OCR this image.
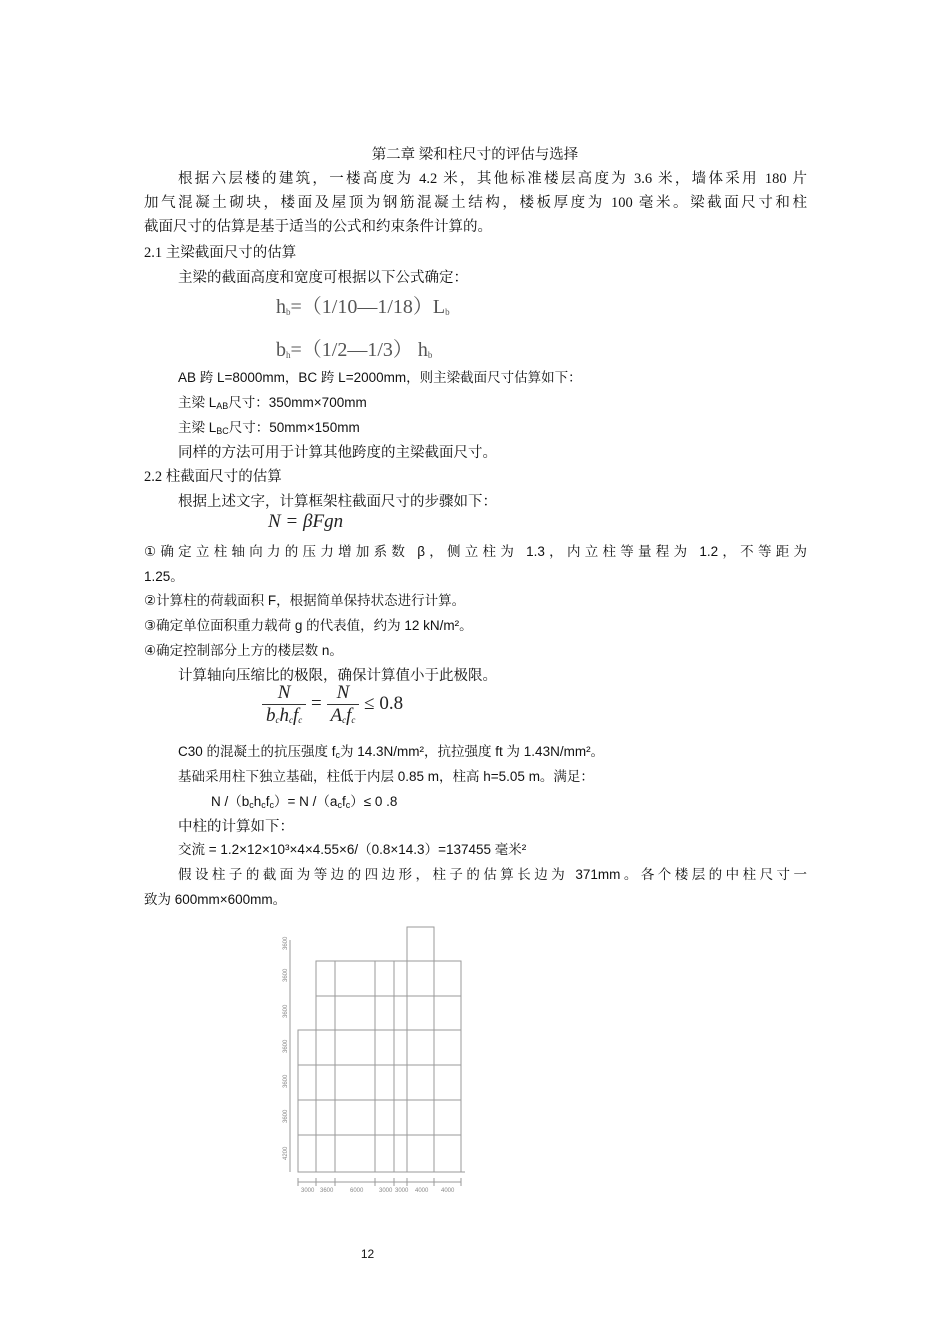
第二章 梁和柱尺寸的评估与选择
根据六层楼的建筑，一楼高度为 4.2 米，其他标准楼层高度为 3.6 米，墙体采用 180 片
加气混凝土砌块，楼面及屋顶为钢筋混凝土结构，楼板厚度为 100 毫米。梁截面尺寸和柱
截面尺寸的估算是基于适当的公式和约束条件计算的。
2.1 主梁截面尺寸的估算
主梁的截面高度和宽度可根据以下公式确定：
$h_b=(1/10—1/18)L_b$
$b_h=(1/2—1/3)$ $h_b$
AB 跨 L=8000mm，BC 跨 L=2000mm，则主梁截面尺寸估算如下：
主梁 $L_{AB}$尺寸：350mm×700mm
主梁 $L_{BC}$尺寸：50mm×150mm
同样的方法可用于计算其他跨度的主梁截面尺寸。
2.2 柱截面尺寸的估算
根据上述文字，计算框架柱截面尺寸的步骤如下：
N = βFgn
①确定立柱轴向力的压力增加系数 β，侧立柱为 1.3，内立柱等量程为 1.2，不等距为
1.25。
②计算柱的荷载面积 F，根据简单保持状态进行计算。
③确定单位面积重力载荷 g 的代表值，约为 12 kN/m²。
④确定控制部分上方的楼层数 n。
计算轴向压缩比的极限，确保计算值小于此极限。
$\frac{N}{b_ch_cf_c} = \frac{N}{A_cf_c} \le 0.8$
C30 的混凝土的抗压强度 $f_c$为 14.3N/mm²，抗拉强度 ft 为 1.43N/mm²。
基础采用柱下独立基础，柱低于内层 0.85 m，柱高 h=5.05 m。满足：
N $/(b_ch_cf_c)= N$ $/(a_cf_c)\le 0$ .8
中柱的计算如下：
交流 = 1.2×12×10³×4×4.55×6/（0.8×14.3）=137455 毫米²
假设柱子的截面为等边的四边形，柱子的估算长边为 371mm。各个楼层的中柱尺寸一
致为 600mm×600mm。
3600
3600
3600
3600
3600
3600
4200
3000 3600	6000	3000 3000 4000 4000
12
